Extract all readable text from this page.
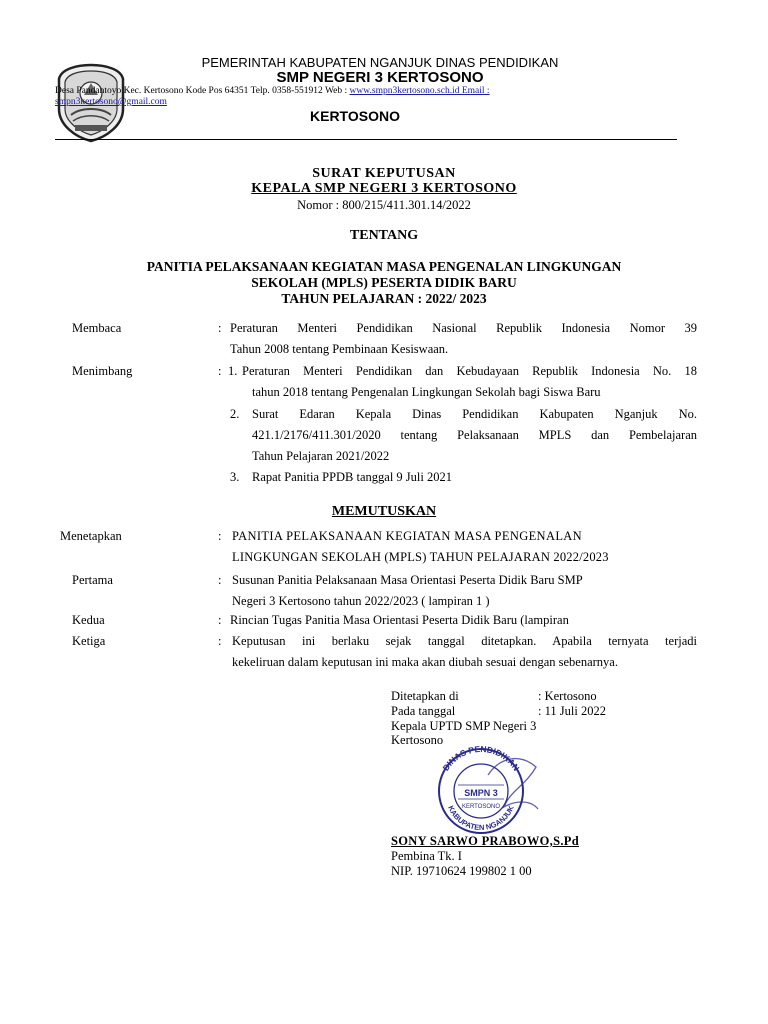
PEMERINTAH KABUPATEN NGANJUK DINAS PENDIDIKAN
SMP NEGERI 3 KERTOSONO
Desa Pandantoyo Kec. Kertosono Kode Pos 64351 Telp. 0358-551912 Web : www.smpn3kertosono.sch.id Email :
smpn3kertosono@gmail.com
KERTOSONO
SURAT KEPUTUSAN
KEPALA SMP NEGERI 3 KERTOSONO
Nomor : 800/215/411.301.14/2022
TENTANG
PANITIA PELAKSANAAN KEGIATAN MASA PENGENALAN LINGKUNGAN
SEKOLAH (MPLS) PESERTA DIDIK BARU
TAHUN PELAJARAN : 2022/ 2023
Membaca	: Peraturan Menteri Pendidikan Nasional Republik Indonesia Nomor 39
Tahun 2008 tentang Pembinaan Kesiswaan.
Menimbang	: 1. Peraturan Menteri Pendidikan dan Kebudayaan Republik Indonesia No. 18
tahun 2018 tentang Pengenalan Lingkungan Sekolah bagi Siswa Baru
2. Surat Edaran Kepala Dinas Pendidikan Kabupaten Nganjuk No.
421.1/2176/411.301/2020 tentang Pelaksanaan MPLS dan Pembelajaran
Tahun Pelajaran 2021/2022
3. Rapat Panitia PPDB tanggal 9 Juli 2021
MEMUTUSKAN
Menetapkan	: PANITIA PELAKSANAAN KEGIATAN MASA PENGENALAN
LINGKUNGAN SEKOLAH (MPLS) TAHUN PELAJARAN 2022/2023
Pertama	: Susunan Panitia Pelaksanaan Masa Orientasi Peserta Didik Baru SMP
Negeri 3 Kertosono tahun 2022/2023 ( lampiran 1 )
Kedua	: Rincian Tugas Panitia Masa Orientasi Peserta Didik Baru (lampiran
Ketiga	: Keputusan ini berlaku sejak tanggal ditetapkan. Apabila ternyata terjadi
kekeliruan dalam keputusan ini maka akan diubah sesuai dengan sebenarnya.
Ditetapkan di	: Kertosono
Pada tanggal	: 11 Juli 2022
Kepala UPTD SMP Negeri 3
Kertosono
DINAS PENDIDIKAN
KABUPATEN NGANJUK
SMPN 3
KERTOSONO
SONY SARWO PRABOWO,S.Pd
Pembina Tk. I
NIP. 19710624 199802 1 00
